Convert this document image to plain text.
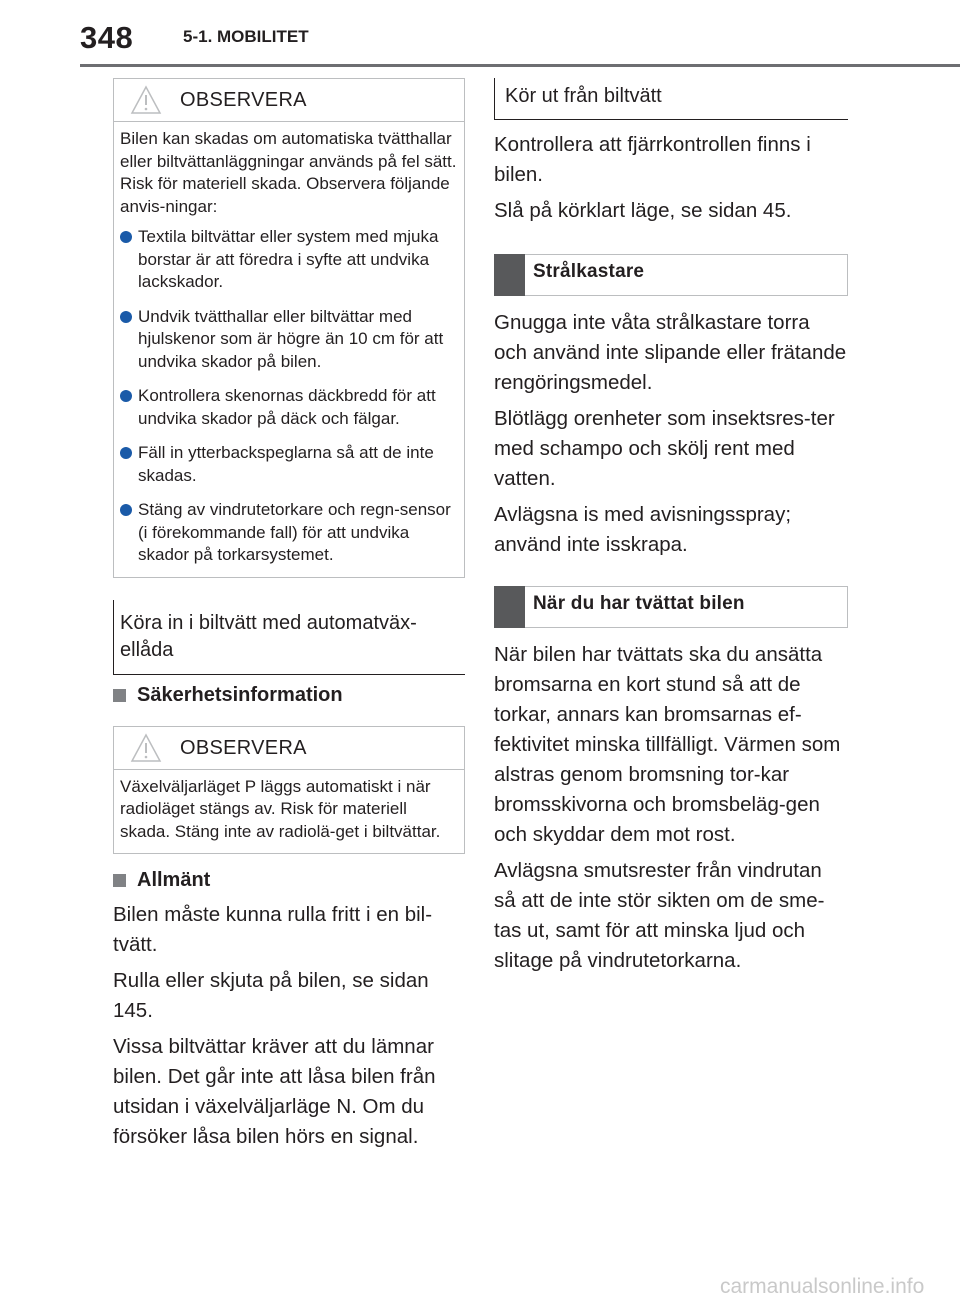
348	5-1. MOBILITET
OBSERVERA

Bilen kan skadas om automatiska tvätthallar eller biltvättanläggningar används på fel sätt. Risk för materiell skada. Observera följande anvis-ningar:

Textila biltvättar eller system med mjuka borstar är att föredra i syfte att undvika lackskador.
Undvik tvätthallar eller biltvättar med hjulskenor som är högre än 10 cm för att undvika skador på bilen.
Kontrollera skenornas däckbredd för att undvika skador på däck och fälgar.
Fäll in ytterbackspeglarna så att de inte skadas.
Stäng av vindrutetorkare och regn-sensor (i förekommande fall) för att undvika skador på torkarsystemet.
Köra in i biltvätt med automatväx-ellåda
Säkerhetsinformation
OBSERVERA

Växelväljarläget P läggs automatiskt i när radioläget stängs av. Risk för materiell skada. Stäng inte av radiolä-get i biltvättar.

Allmänt

Bilen måste kunna rulla fritt i en bil-tvätt.

Rulla eller skjuta på bilen, se sidan 145.

Vissa biltvättar kräver att du lämnar bilen. Det går inte att låsa bilen från utsidan i växelväljarläge N. Om du försöker låsa bilen hörs en signal.

Kör ut från biltvätt

Kontrollera att fjärrkontrollen finns i bilen.

Slå på körklart läge, se sidan 45.

Strålkastare

Gnugga inte våta strålkastare torra och använd inte slipande eller frätande rengöringsmedel.

Blötlägg orenheter som insektsres-ter med schampo och skölj rent med vatten.

Avlägsna is med avisningsspray; använd inte isskrapa.

När du har tvättat bilen

När bilen har tvättats ska du ansätta bromsarna en kort stund så att de torkar, annars kan bromsarnas ef-fektivitet minska tillfälligt. Värmen som alstras genom bromsning tor-kar bromsskivorna och bromsbeläg-gen och skyddar dem mot rost.

Avlägsna smutsrester från vindrutan så att de inte stör sikten om de sme-tas ut, samt för att minska ljud och slitage på vindrutetorkarna.

carmanualsonline.info
